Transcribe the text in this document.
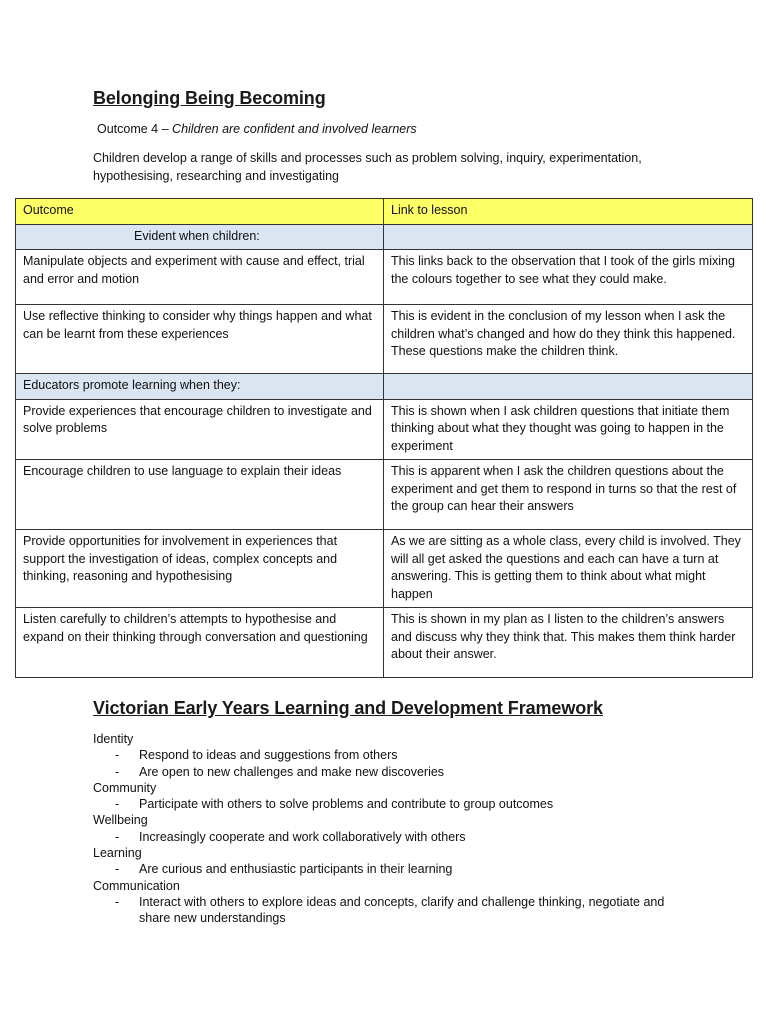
Belonging Being Becoming
Outcome 4 – Children are confident and involved learners
Children develop a range of skills and processes such as problem solving, inquiry, experimentation, hypothesising, researching and investigating
Outcome	Link to lesson
Evident when children:	
Manipulate objects and experiment with cause and effect, trial and error and motion	This links back to the observation that I took of the girls mixing the colours together to see what they could make.
Use reflective thinking to consider why things happen and what can be learnt from these experiences	This is evident in the conclusion of my lesson when I ask the children what’s changed and how do they think this happened. These questions make the children think.
Educators promote learning when they:	
Provide experiences that encourage children to investigate and solve problems	This is shown when I ask children questions that initiate them thinking about what they thought was going to happen in the experiment
Encourage children to use language to explain their ideas	This is apparent when I ask the children questions about the experiment and get them to respond in turns so that the rest of the group can hear their answers
Provide opportunities for involvement in experiences that support the investigation of ideas, complex concepts and thinking, reasoning and hypothesising	As we are sitting as a whole class, every child is involved. They will all get asked the questions and each can have a turn at answering. This is getting them to think about what might happen
Listen carefully to children’s attempts to hypothesise and expand on their thinking through conversation and questioning	This is shown in my plan as I listen to the children’s answers and discuss why they think that. This makes them think harder about their answer.
Victorian Early Years Learning and Development Framework
Identity
-	Respond to ideas and suggestions from others
-	Are open to new challenges and make new discoveries
Community
-	Participate with others to solve problems and contribute to group outcomes
Wellbeing
-	Increasingly cooperate and work collaboratively with others
Learning
-	Are curious and enthusiastic participants in their learning
Communication
-	Interact with others to explore ideas and concepts, clarify and challenge thinking, negotiate and share new understandings
